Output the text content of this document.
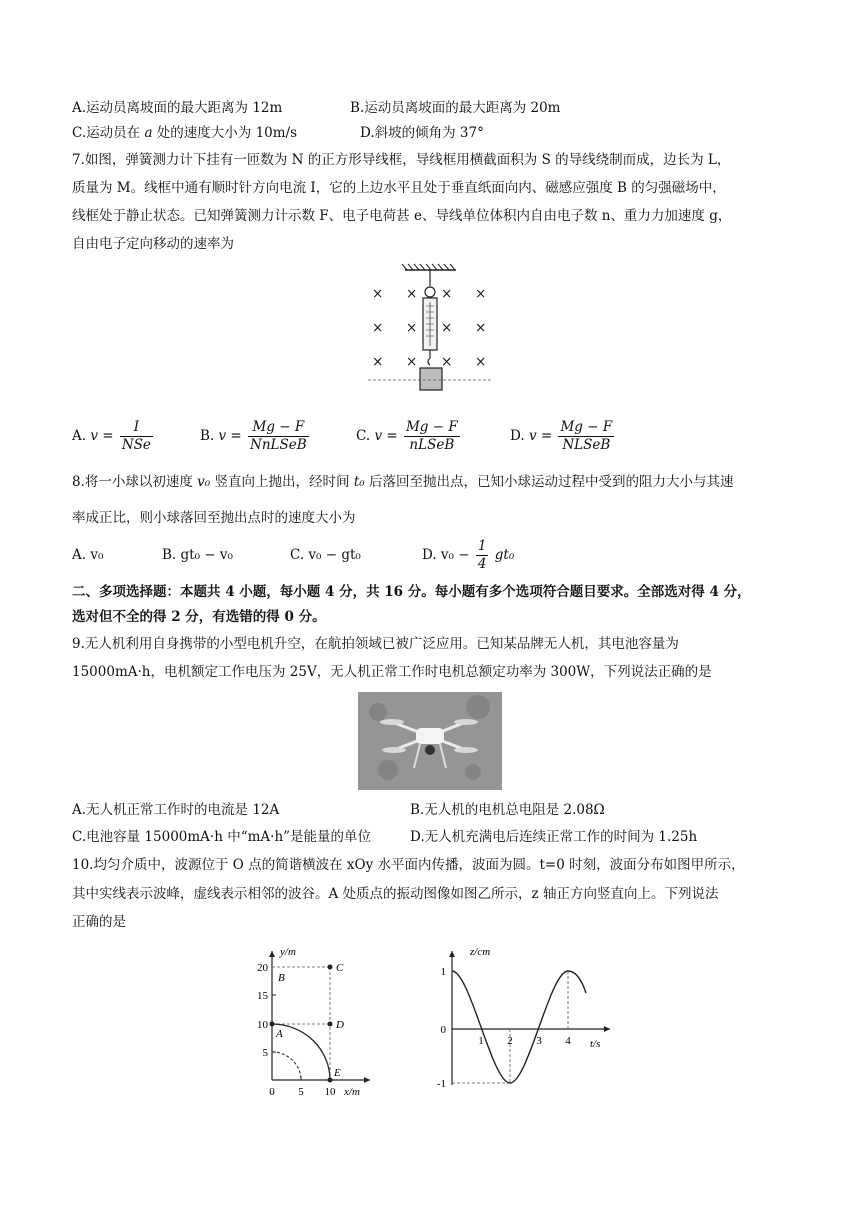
A.运动员离坡面的最大距离为 12m	B.运动员离坡面的最大距离为 20m
C.运动员在 a 处的速度大小为 10m/s	D.斜坡的倾角为 37°
7.如图，弹簧测力计下挂有一匝数为 N 的正方形导线框，导线框用横截面积为 S 的导线绕制而成，边长为 L，
质量为 M。线框中通有顺时针方向电流 I，它的上边水平且处于垂直纸面向内、磁感应强度 B 的匀强磁场中，
线框处于静止状态。已知弹簧测力计示数 F、电子电荷甚 e、导线单位体积内自由电子数 n、重力力加速度 g，
自由电子定向移动的速率为
× × × ×
× × × ×
× × × ×
A. $v = \frac{I}{\text{NSe}}$	B. $v = \frac{Mg - F}{\text{NnLSeB}}$	C. $v = \frac{Mg - F}{\text{nLSeB}}$	D. $v = \frac{Mg - F}{\text{NLSeB}}$
8.将一小球以初速度 v₀ 竖直向上抛出，经时间 t₀ 后落回至抛出点，已知小球运动过程中受到的阻力大小与其速
率成正比，则小球落回至抛出点时的速度大小为
A. v₀	B. gt₀ − v₀	C. v₀ − gt₀	D. $v_0 - \frac{1}{4} gt_0$
二、多项选择题：本题共 4 小题，每小题 4 分，共 16 分。每小题有多个选项符合题目要求。全部选对得 4 分，
选对但不全的得 2 分，有选错的得 0 分。
9.无人机利用自身携带的小型电机升空，在航拍领域已被广泛应用。已知某品牌无人机，其电池容量为
15000mA·h，电机额定工作电压为 25V，无人机正常工作时电机总额定功率为 300W，下列说法正确的是
A.无人机正常工作时的电流是 12A	B.无人机的电机总电阻是 2.08Ω
C.电池容量 15000mA·h 中“mA·h”是能量的单位	D.无人机充满电后连续正常工作的时间为 1.25h
10.均匀介质中，波源位于 O 点的简谐横波在 xOy 水平面内传播，波面为圆。t=0 时刻，波面分布如图甲所示，
其中实线表示波峰，虚线表示相邻的波谷。A 处质点的振动图像如图乙所示，z 轴正方向竖直向上。下列说法
正确的是
y/m
x/m
20
15
10
5
0 5 10
A
B
C
D
E
z/cm
t/s
1
0
-1
1 2 3 4
